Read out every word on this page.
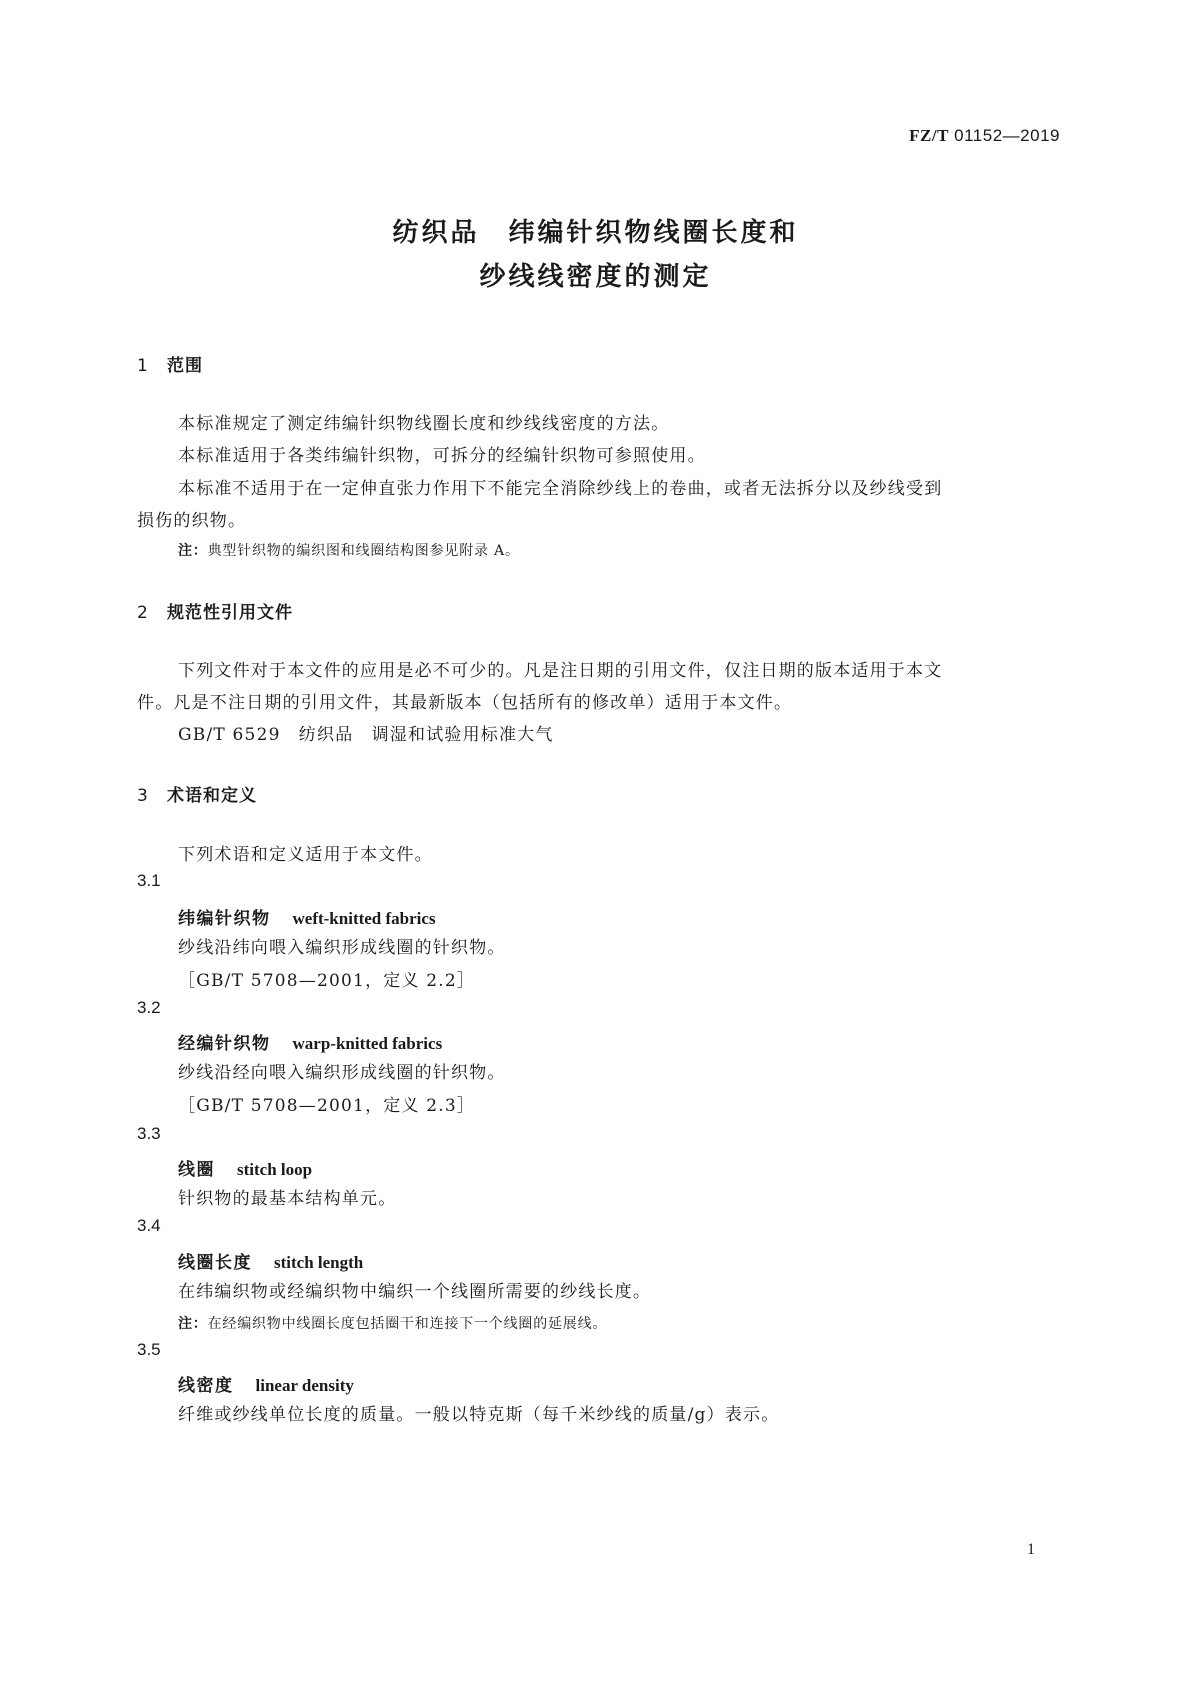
FZ/T 01152—2019
纺织品　纬编针织物线圈长度和
纱线线密度的测定
1 范围
本标准规定了测定纬编针织物线圈长度和纱线线密度的方法。
本标准适用于各类纬编针织物，可拆分的经编针织物可参照使用。
本标准不适用于在一定伸直张力作用下不能完全消除纱线上的卷曲，或者无法拆分以及纱线受到
损伤的织物。
注：典型针织物的编织图和线圈结构图参见附录 A。
2 规范性引用文件
下列文件对于本文件的应用是必不可少的。凡是注日期的引用文件，仅注日期的版本适用于本文
件。凡是不注日期的引用文件，其最新版本（包括所有的修改单）适用于本文件。
GB/T 6529　纺织品　调湿和试验用标准大气
3 术语和定义
下列术语和定义适用于本文件。
3.1
纬编针织物 weft-knitted fabrics
纱线沿纬向喂入编织形成线圈的针织物。
［GB/T 5708—2001，定义 2.2］
3.2
经编针织物 warp-knitted fabrics
纱线沿经向喂入编织形成线圈的针织物。
［GB/T 5708—2001，定义 2.3］
3.3
线圈 stitch loop
针织物的最基本结构单元。
3.4
线圈长度 stitch length
在纬编织物或经编织物中编织一个线圈所需要的纱线长度。
注：在经编织物中线圈长度包括圈干和连接下一个线圈的延展线。
3.5
线密度 linear density
纤维或纱线单位长度的质量。一般以特克斯（每千米纱线的质量/g）表示。
1
